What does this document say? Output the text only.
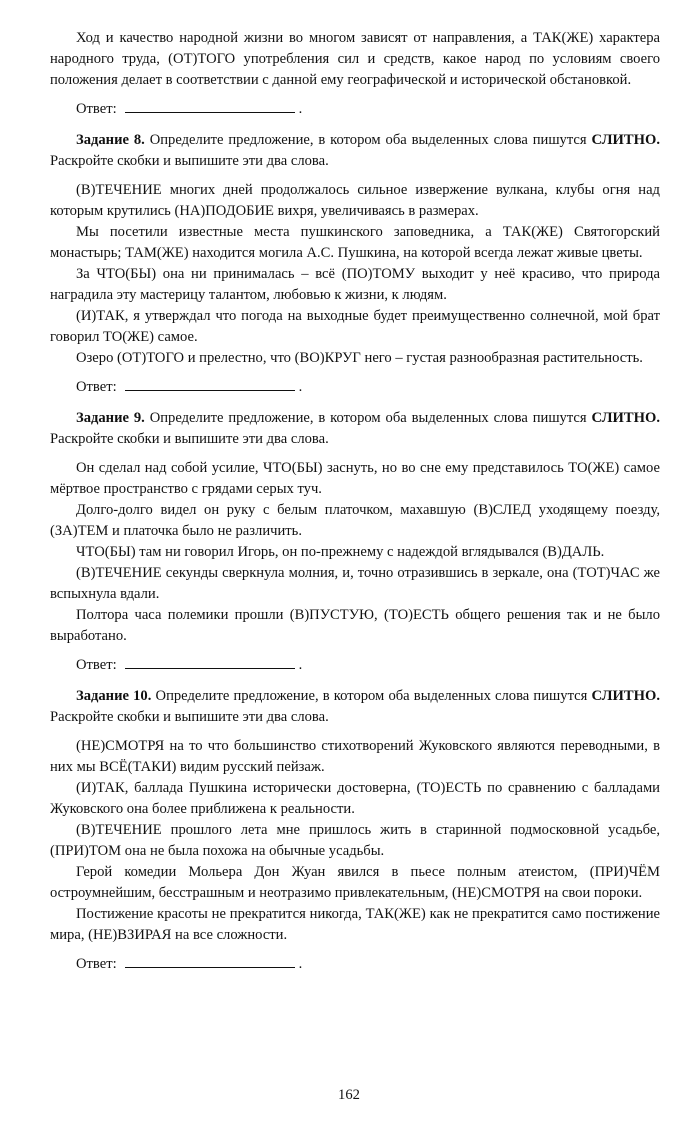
Ход и качество народной жизни во многом зависят от направления, а ТАК(ЖЕ) характера народного труда, (ОТ)ТОГО употребления сил и средств, какое народ по условиям своего положения делает в соответствии с данной ему географической и исторической обстановкой.

Ответ:	.

Задание 8. Определите предложение, в котором оба выделенных слова пишутся СЛИТНО. Раскройте скобки и выпишите эти два слова.

(В)ТЕЧЕНИЕ многих дней продолжалось сильное извержение вулкана, клубы огня над которым крутились (НА)ПОДОБИЕ вихря, увеличиваясь в размерах.

Мы посетили известные места пушкинского заповедника, а ТАК(ЖЕ) Святогорский монастырь; ТАМ(ЖЕ) находится могила А.С. Пушкина, на которой всегда лежат живые цветы.

За ЧТО(БЫ) она ни принималась – всё (ПО)ТОМУ выходит у неё красиво, что природа наградила эту мастерицу талантом, любовью к жизни, к людям.

(И)ТАК, я утверждал что погода на выходные будет преимущественно солнечной, мой брат говорил ТО(ЖЕ) самое.

Озеро (ОТ)ТОГО и прелестно, что (ВО)КРУГ него – густая разнообразная растительность.

Ответ:	.

Задание 9. Определите предложение, в котором оба выделенных слова пишутся СЛИТНО. Раскройте скобки и выпишите эти два слова.

Он сделал над собой усилие, ЧТО(БЫ) заснуть, но во сне ему представилось ТО(ЖЕ) самое мёртвое пространство с грядами серых туч.

Долго-долго видел он руку с белым платочком, махавшую (В)СЛЕД уходящему поезду, (ЗА)ТЕМ и платочка было не различить.

ЧТО(БЫ) там ни говорил Игорь, он по-прежнему с надеждой вглядывался (В)ДАЛЬ.

(В)ТЕЧЕНИЕ секунды сверкнула молния, и, точно отразившись в зеркале, она (ТОТ)ЧАС же вспыхнула вдали.

Полтора часа полемики прошли (В)ПУСТУЮ, (ТО)ЕСТЬ общего решения так и не было выработано.

Ответ:	.

Задание 10. Определите предложение, в котором оба выделенных слова пишутся СЛИТНО. Раскройте скобки и выпишите эти два слова.

(НЕ)СМОТРЯ на то что большинство стихотворений Жуковского являются переводными, в них мы ВСЁ(ТАКИ) видим русский пейзаж.

(И)ТАК, баллада Пушкина исторически достоверна, (ТО)ЕСТЬ по сравнению с балладами Жуковского она более приближена к реальности.

(В)ТЕЧЕНИЕ прошлого лета мне пришлось жить в старинной подмосковной усадьбе, (ПРИ)ТОМ она не была похожа на обычные усадьбы.

Герой комедии Мольера Дон Жуан явился в пьесе полным атеистом, (ПРИ)ЧЁМ остроумнейшим, бесстрашным и неотразимо привлекательным, (НЕ)СМОТРЯ на свои пороки.

Постижение красоты не прекратится никогда, ТАК(ЖЕ) как не прекратится само постижение мира, (НЕ)ВЗИРАЯ на все сложности.

Ответ:	.

162
